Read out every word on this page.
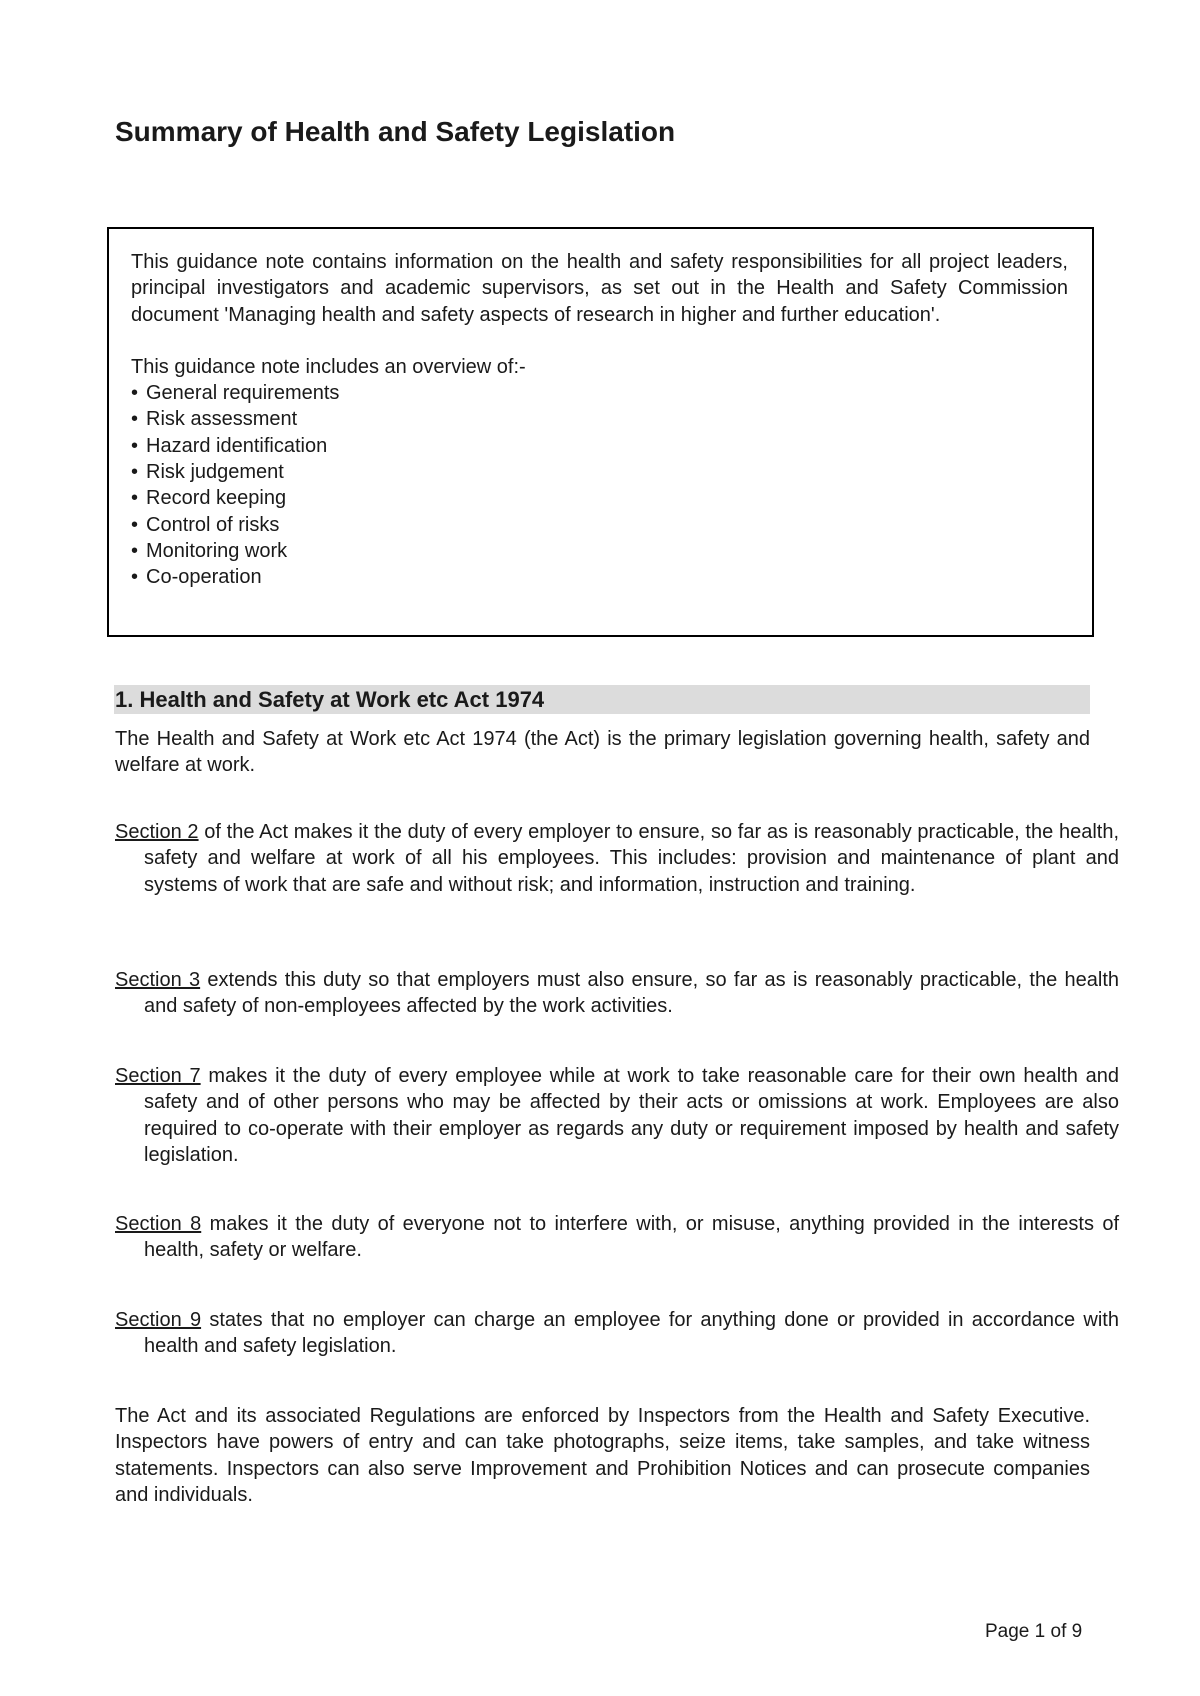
Summary of Health and Safety Legislation

This guidance note contains information on the health and safety responsibilities for all project leaders, principal investigators and academic supervisors, as set out in the Health and Safety Commission document 'Managing health and safety aspects of research in higher and further education'.

This guidance note includes an overview of:-

• General requirements
• Risk assessment
• Hazard identification
• Risk judgement
• Record keeping
• Control of risks
• Monitoring work
• Co-operation
1. Health and Safety at Work etc Act 1974

The Health and Safety at Work etc Act 1974 (the Act) is the primary legislation governing health, safety and welfare at work.

Section 2 of the Act makes it the duty of every employer to ensure, so far as is reasonably practicable, the health, safety and welfare at work of all his employees. This includes: provision and maintenance of plant and systems of work that are safe and without risk; and information, instruction and training.

Section 3 extends this duty so that employers must also ensure, so far as is reasonably practicable, the health and safety of non-employees affected by the work activities.

Section 7 makes it the duty of every employee while at work to take reasonable care for their own health and safety and of other persons who may be affected by their acts or omissions at work. Employees are also required to co-operate with their employer as regards any duty or requirement imposed by health and safety legislation.

Section 8 makes it the duty of everyone not to interfere with, or misuse, anything provided in the interests of health, safety or welfare.

Section 9 states that no employer can charge an employee for anything done or provided in accordance with health and safety legislation.

The Act and its associated Regulations are enforced by Inspectors from the Health and Safety Executive. Inspectors have powers of entry and can take photographs, seize items, take samples, and take witness statements. Inspectors can also serve Improvement and Prohibition Notices and can prosecute companies and individuals.

Page 1 of 9
